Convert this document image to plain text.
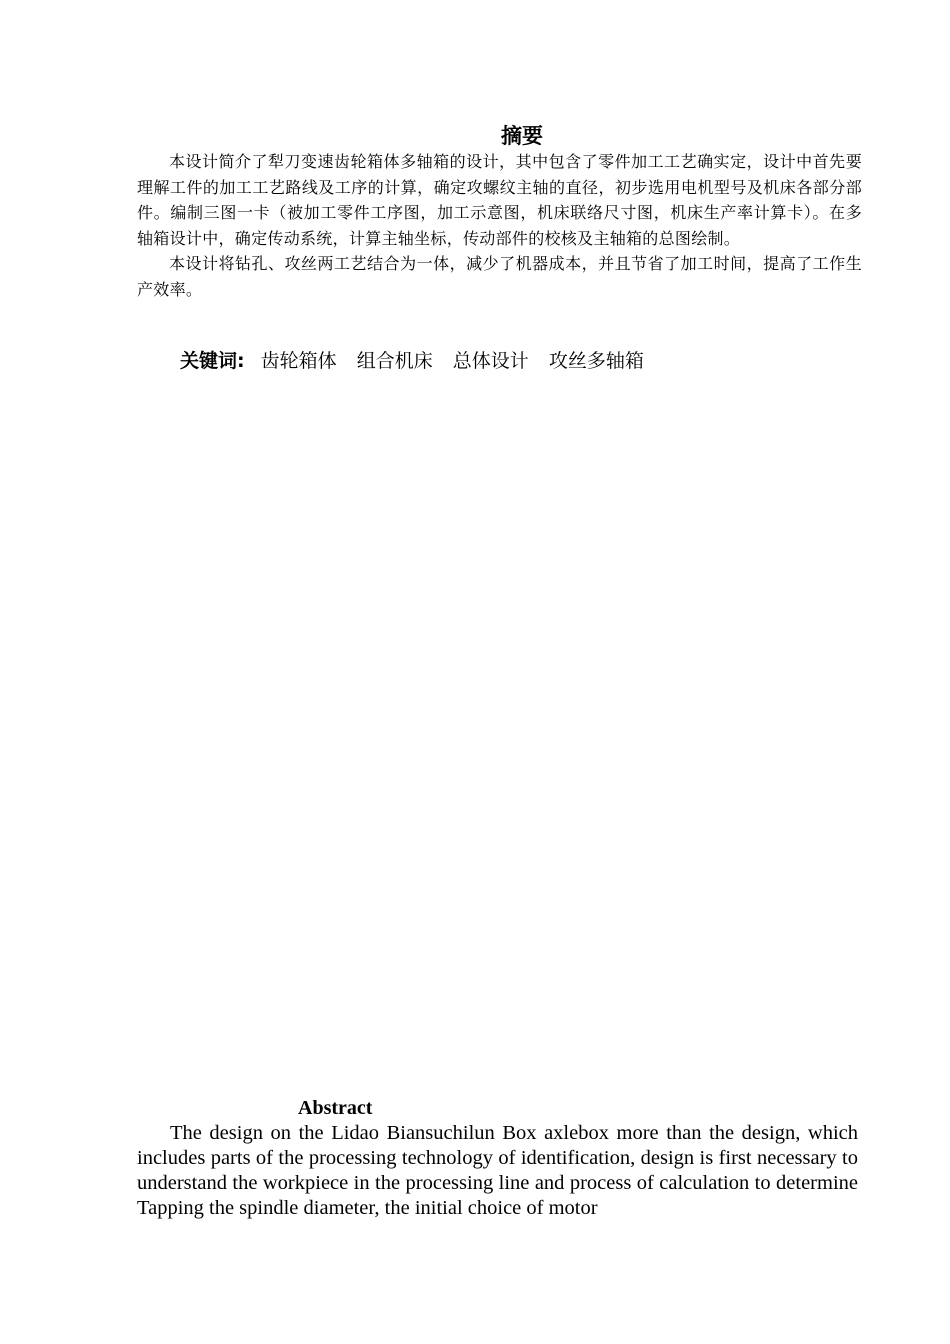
摘要

本设计简介了犁刀变速齿轮箱体多轴箱的设计，其中包含了零件加工工艺确实定，设计中首先要理解工件的加工工艺路线及工序的计算，确定攻螺纹主轴的直径，初步选用电机型号及机床各部分部件。编制三图一卡（被加工零件工序图，加工示意图，机床联络尺寸图，机床生产率计算卡）。在多轴箱设计中，确定传动系统，计算主轴坐标，传动部件的校核及主轴箱的总图绘制。

本设计将钻孔、攻丝两工艺结合为一体，减少了机器成本，并且节省了加工时间，提高了工作生产效率。

关键词: 齿轮箱体 组合机床 总体设计 攻丝多轴箱
Abstract

The design on the Lidao Biansuchilun Box axlebox more than the design, which includes parts of the processing technology of identification, design is first necessary to understand the workpiece in the processing line and process of calculation to determine Tapping the spindle diameter, the initial choice of motor
